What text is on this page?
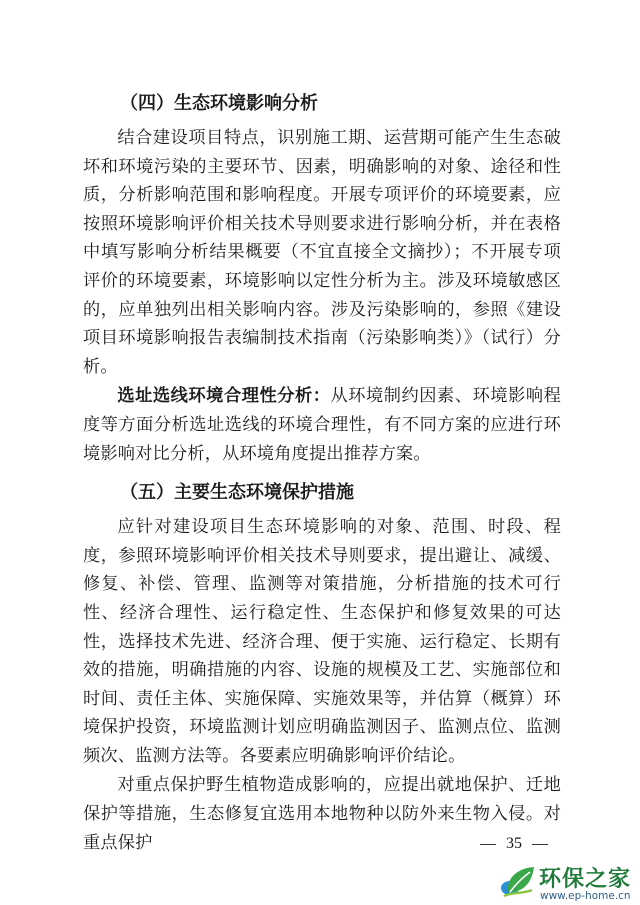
（四）生态环境影响分析

结合建设项目特点，识别施工期、运营期可能产生生态破坏和环境污染的主要环节、因素，明确影响的对象、途径和性质，分析影响范围和影响程度。开展专项评价的环境要素，应按照环境影响评价相关技术导则要求进行影响分析，并在表格中填写影响分析结果概要（不宜直接全文摘抄）；不开展专项评价的环境要素，环境影响以定性分析为主。涉及环境敏感区的，应单独列出相关影响内容。涉及污染影响的，参照《建设项目环境影响报告表编制技术指南（污染影响类）》（试行）分析。

选址选线环境合理性分析：从环境制约因素、环境影响程度等方面分析选址选线的环境合理性，有不同方案的应进行环境影响对比分析，从环境角度提出推荐方案。

（五）主要生态环境保护措施

应针对建设项目生态环境影响的对象、范围、时段、程度，参照环境影响评价相关技术导则要求，提出避让、减缓、修复、补偿、管理、监测等对策措施，分析措施的技术可行性、经济合理性、运行稳定性、生态保护和修复效果的可达性，选择技术先进、经济合理、便于实施、运行稳定、长期有效的措施，明确措施的内容、设施的规模及工艺、实施部位和时间、责任主体、实施保障、实施效果等，并估算（概算）环境保护投资，环境监测计划应明确监测因子、监测点位、监测频次、监测方法等。各要素应明确影响评价结论。

对重点保护野生植物造成影响的，应提出就地保护、迁地保护等措施，生态修复宜选用本地物种以防外来生物入侵。对重点保护	35
环保之家
www.ep-home.cn
